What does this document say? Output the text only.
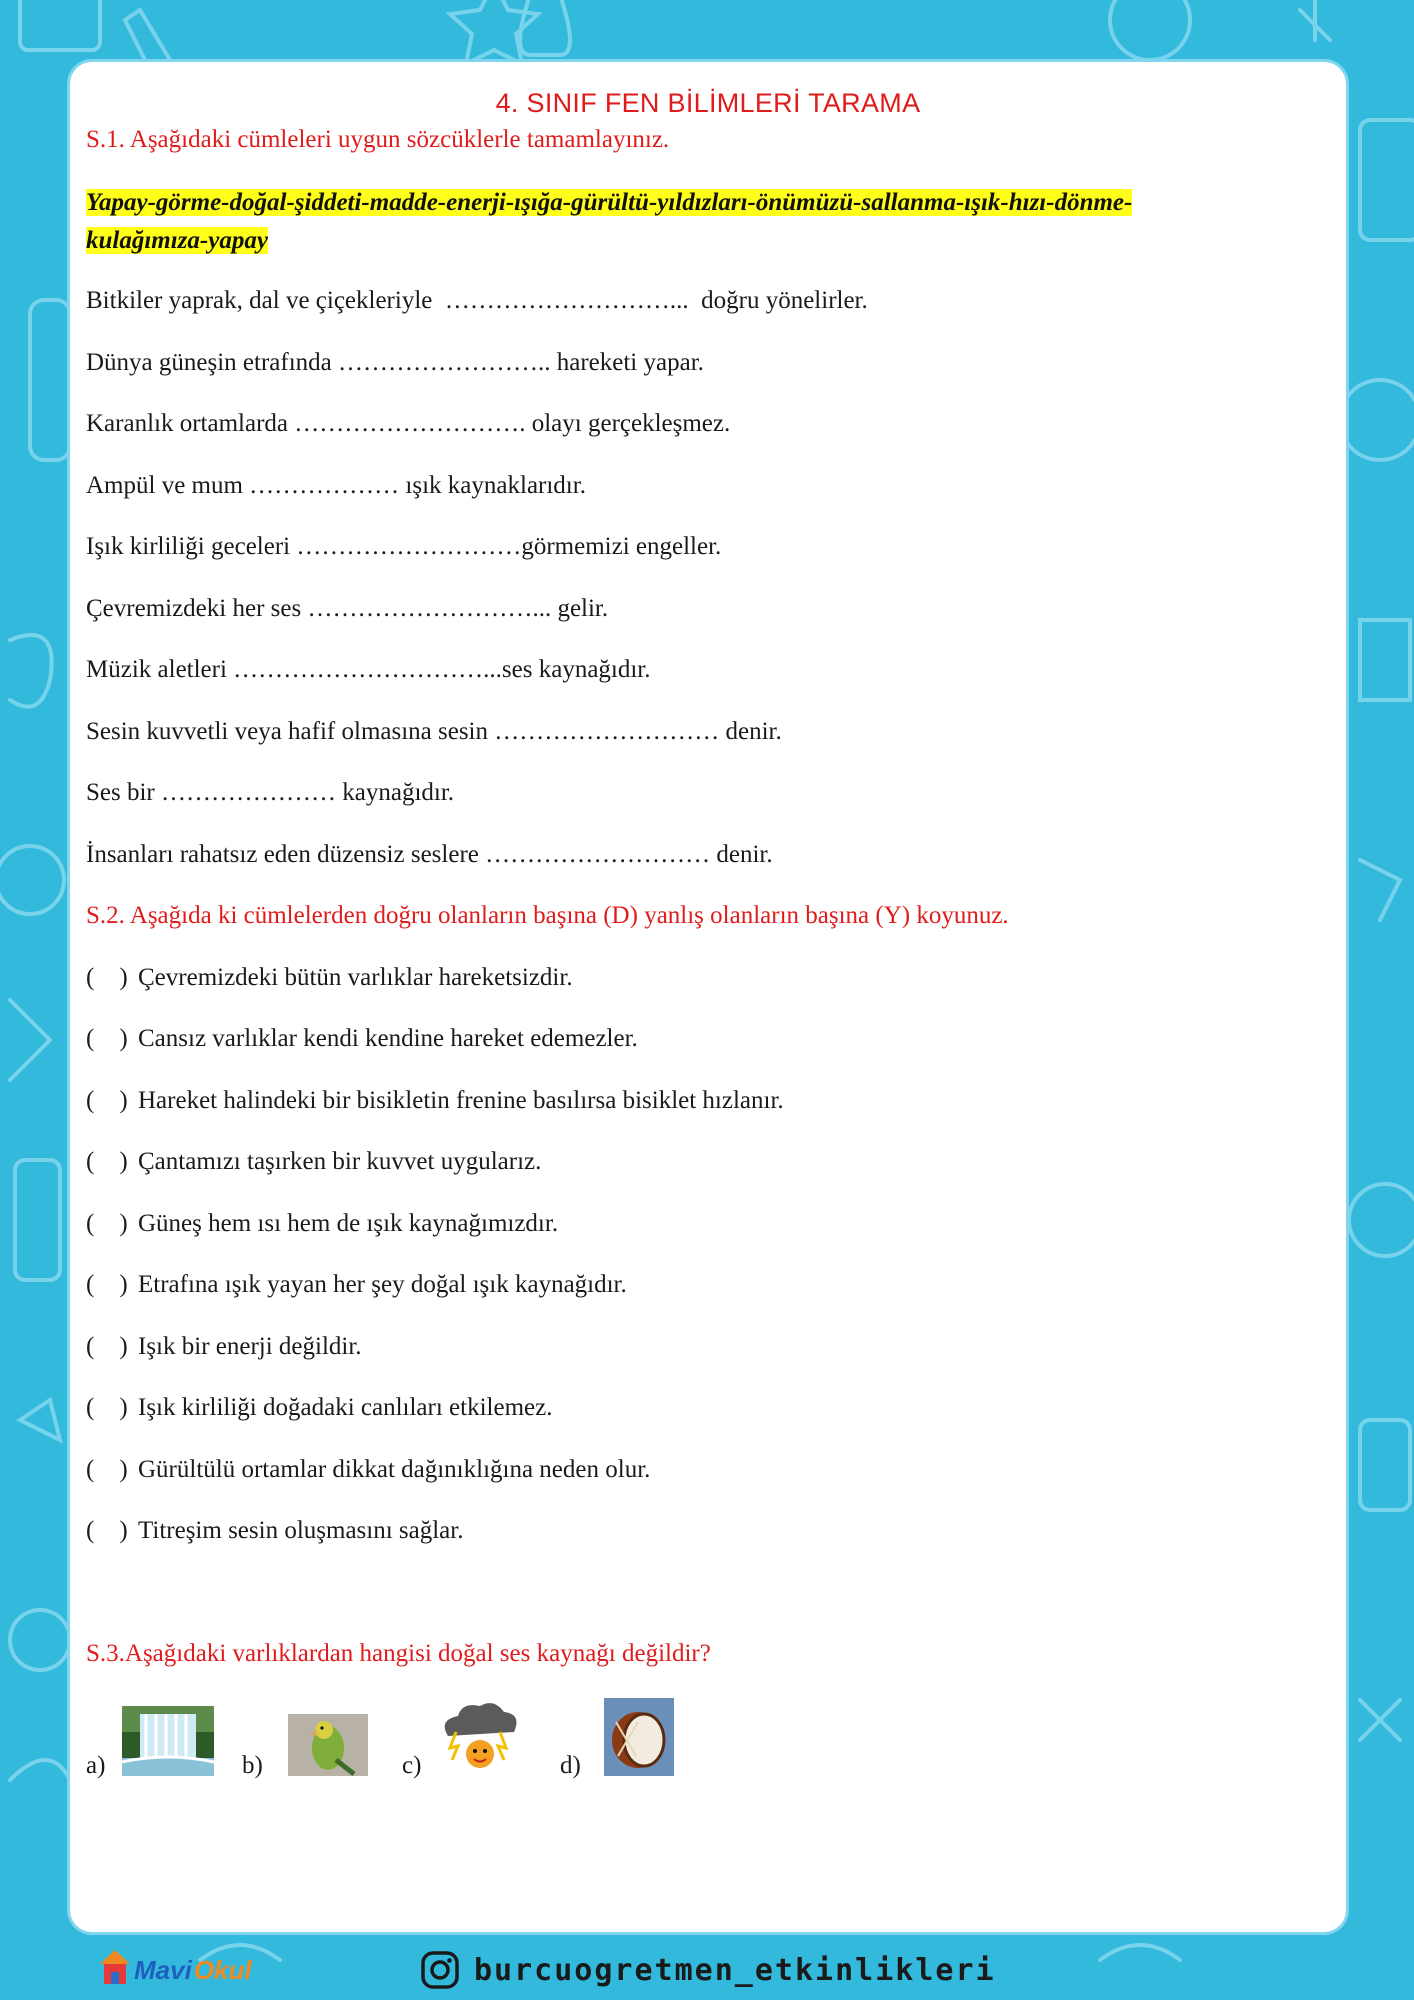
4. SINIF FEN BİLİMLERİ TARAMA
S.1. Aşağıdaki cümleleri uygun sözcüklerle tamamlayınız.
Yapay-görme-doğal-şiddeti-madde-enerji-ışığa-gürültü-yıldızları-önümüzü-sallanma-ışık-hızı-dönme-
kulağımıza-yapay
Bitkiler yaprak, dal ve çiçekleriyle  ………………………...  doğru yönelirler.
Dünya güneşin etrafında …………………….. hareketi yapar.
Karanlık ortamlarda ………………………. olayı gerçekleşmez.
Ampül ve mum ……………… ışık kaynaklarıdır.
Işık kirliliği geceleri ………………………görmemizi engeller.
Çevremizdeki her ses ………………………... gelir.
Müzik aletleri …………………………...ses kaynağıdır.
Sesin kuvvetli veya hafif olmasına sesin ……………………… denir.
Ses bir ………………… kaynağıdır.
İnsanları rahatsız eden düzensiz seslere ……………………… denir.
S.2. Aşağıda ki cümlelerden doğru olanların başına (D) yanlış olanların başına (Y) koyunuz.
(    ) Çevremizdeki bütün varlıklar hareketsizdir.
(    ) Cansız varlıklar kendi kendine hareket edemezler.
(    ) Hareket halindeki bir bisikletin frenine basılırsa bisiklet hızlanır.
(    ) Çantamızı taşırken bir kuvvet uygularız.
(    ) Güneş hem ısı hem de ışık kaynağımızdır.
(    ) Etrafına ışık yayan her şey doğal ışık kaynağıdır.
(    ) Işık bir enerji değildir.
(    ) Işık kirliliği doğadaki canlıları etkilemez.
(    ) Gürültülü ortamlar dikkat dağınıklığına neden olur.
(    ) Titreşim sesin oluşmasını sağlar.
S.3.Aşağıdaki varlıklardan hangisi doğal ses kaynağı değildir?
a)	b)	c)	d)
Mavi Okul	burcuogretmen_etkinlikleri
